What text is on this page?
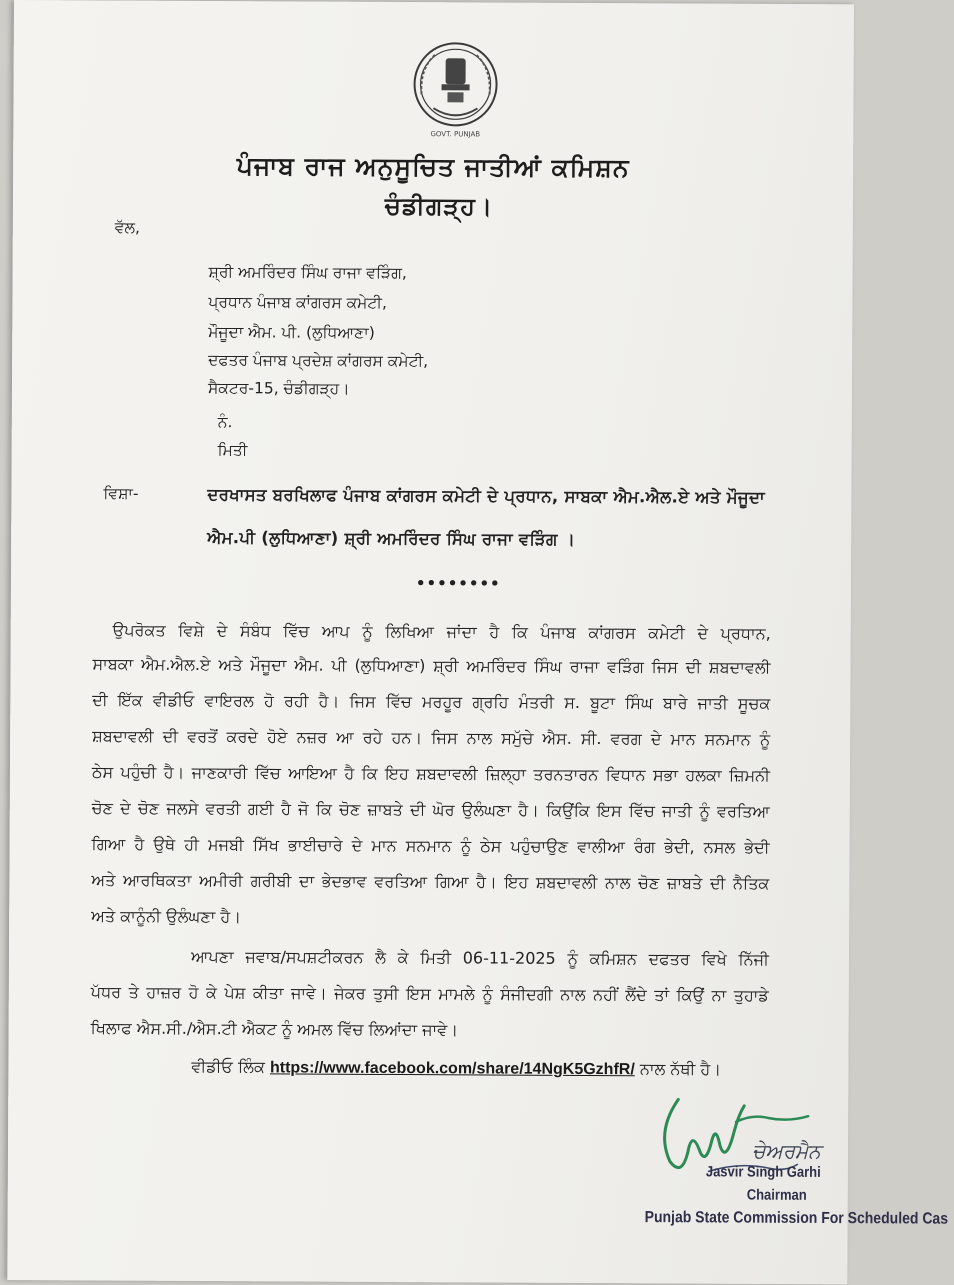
GOVT. PUNJAB
ਪੰਜਾਬ ਰਾਜ ਅਨੁਸੂਚਿਤ ਜਾਤੀਆਂ ਕਮਿਸ਼ਨ
ਚੰਡੀਗੜ੍ਹ।
ਵੱਲ,
ਸ਼੍ਰੀ ਅਮਰਿੰਦਰ ਸਿੰਘ ਰਾਜਾ ਵੜਿੰਗ,
ਪ੍ਰਧਾਨ ਪੰਜਾਬ ਕਾਂਗਰਸ ਕਮੇਟੀ,
ਮੌਜੂਦਾ ਐਮ. ਪੀ. (ਲੁਧਿਆਣਾ)
ਦਫਤਰ ਪੰਜਾਬ ਪ੍ਰਦੇਸ਼ ਕਾਂਗਰਸ ਕਮੇਟੀ,
ਸੈਕਟਰ-15, ਚੰਡੀਗੜ੍ਹ।
ਨੰ.
ਮਿਤੀ
ਵਿਸ਼ਾ-	ਦਰਖਾਸਤ ਬਰਖਿਲਾਫ ਪੰਜਾਬ ਕਾਂਗਰਸ ਕਮੇਟੀ ਦੇ ਪ੍ਰਧਾਨ, ਸਾਬਕਾ ਐਮ.ਐਲ.ਏ ਅਤੇ ਮੌਜੂਦਾ
ਐਮ.ਪੀ (ਲੁਧਿਆਣਾ) ਸ਼੍ਰੀ ਅਮਰਿੰਦਰ ਸਿੰਘ ਰਾਜਾ ਵੜਿੰਗ ।
••••••••
ਉਪਰੋਕਤ ਵਿਸ਼ੇ ਦੇ ਸੰਬੰਧ ਵਿੱਚ ਆਪ ਨੂੰ ਲਿਖਿਆ ਜਾਂਦਾ ਹੈ ਕਿ ਪੰਜਾਬ ਕਾਂਗਰਸ ਕਮੇਟੀ ਦੇ ਪ੍ਰਧਾਨ,
ਸਾਬਕਾ ਐਮ.ਐਲ.ਏ ਅਤੇ ਮੌਜੂਦਾ ਐਮ. ਪੀ (ਲੁਧਿਆਣਾ) ਸ਼੍ਰੀ ਅਮਰਿੰਦਰ ਸਿੰਘ ਰਾਜਾ ਵੜਿੰਗ ਜਿਸ ਦੀ ਸ਼ਬਦਾਵਲੀ
ਦੀ ਇੱਕ ਵੀਡੀਓ ਵਾਇਰਲ ਹੋ ਰਹੀ ਹੈ। ਜਿਸ ਵਿੱਚ ਮਰਹੂਰ ਗ੍ਰਹਿ ਮੰਤਰੀ ਸ. ਬੂਟਾ ਸਿੰਘ ਬਾਰੇ ਜਾਤੀ ਸੂਚਕ
ਸ਼ਬਦਾਵਲੀ ਦੀ ਵਰਤੋਂ ਕਰਦੇ ਹੋਏ ਨਜ਼ਰ ਆ ਰਹੇ ਹਨ। ਜਿਸ ਨਾਲ ਸਮੁੱਚੇ ਐਸ. ਸੀ. ਵਰਗ ਦੇ ਮਾਨ ਸਨਮਾਨ ਨੂੰ
ਠੇਸ ਪਹੁੰਚੀ ਹੈ। ਜਾਣਕਾਰੀ ਵਿੱਚ ਆਇਆ ਹੈ ਕਿ ਇਹ ਸ਼ਬਦਾਵਲੀ ਜ਼ਿਲ੍ਹਾ ਤਰਨਤਾਰਨ ਵਿਧਾਨ ਸਭਾ ਹਲਕਾ ਜ਼ਿਮਨੀ
ਚੋਣ ਦੇ ਚੋਣ ਜਲਸੇ ਵਰਤੀ ਗਈ ਹੈ ਜੋ ਕਿ ਚੋਣ ਜ਼ਾਬਤੇ ਦੀ ਘੋਰ ਉਲੰਘਣਾ ਹੈ। ਕਿਉਂਕਿ ਇਸ ਵਿੱਚ ਜਾਤੀ ਨੂੰ ਵਰਤਿਆ
ਗਿਆ ਹੈ ਉਥੇ ਹੀ ਮਜਬੀ ਸਿੱਖ ਭਾਈਚਾਰੇ ਦੇ ਮਾਨ ਸਨਮਾਨ ਨੂੰ ਠੇਸ ਪਹੁੰਚਾਉਣ ਵਾਲੀਆ ਰੰਗ ਭੇਦੀ, ਨਸਲ ਭੇਦੀ
ਅਤੇ ਆਰਥਿਕਤਾ ਅਮੀਰੀ ਗਰੀਬੀ ਦਾ ਭੇਦਭਾਵ ਵਰਤਿਆ ਗਿਆ ਹੈ। ਇਹ ਸ਼ਬਦਾਵਲੀ ਨਾਲ ਚੋਣ ਜ਼ਾਬਤੇ ਦੀ ਨੈਤਿਕ
ਅਤੇ ਕਾਨੂੰਨੀ ਉਲੰਘਣਾ ਹੈ।
ਆਪਣਾ ਜਵਾਬ/ਸਪਸ਼ਟੀਕਰਨ ਲੈ ਕੇ ਮਿਤੀ 06-11-2025 ਨੂੰ ਕਮਿਸ਼ਨ ਦਫਤਰ ਵਿਖੇ ਨਿੱਜੀ
ਪੱਧਰ ਤੇ ਹਾਜ਼ਰ ਹੋ ਕੇ ਪੇਸ਼ ਕੀਤਾ ਜਾਵੇ। ਜੇਕਰ ਤੁਸੀ ਇਸ ਮਾਮਲੇ ਨੂੰ ਸੰਜੀਦਗੀ ਨਾਲ ਨਹੀਂ ਲੈਂਦੇ ਤਾਂ ਕਿਉਂ ਨਾ ਤੁਹਾਡੇ
ਖਿਲਾਫ ਐਸ.ਸੀ./ਐਸ.ਟੀ ਐਕਟ ਨੂੰ ਅਮਲ ਵਿੱਚ ਲਿਆਂਦਾ ਜਾਵੇ।
ਵੀਡੀਓ ਲਿੰਕ https://www.facebook.com/share/14NgK5GzhfR/ ਨਾਲ ਨੱਥੀ ਹੈ।
ਚੇਅਰਮੈਨ
Jasvir Singh Garhi
Chairman
Punjab State Commission For Scheduled Cas
